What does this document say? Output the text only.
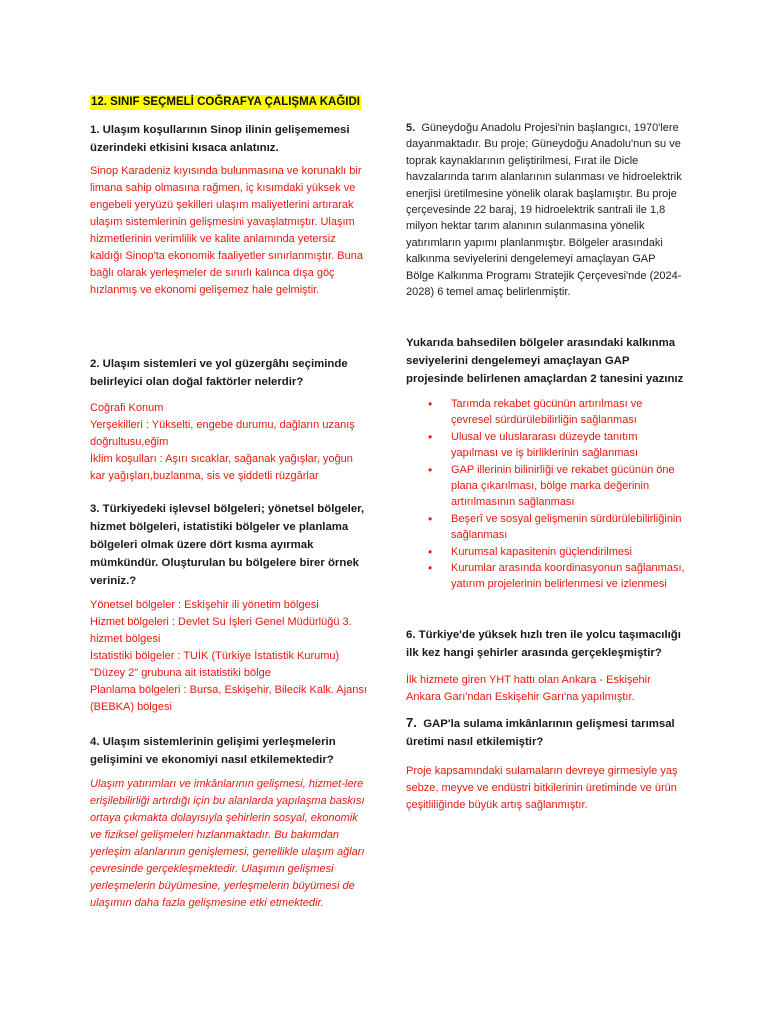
12. SINIF SEÇMELİ COĞRAFYA ÇALIŞMA KAĞIDI
1. Ulaşım koşullarının Sinop ilinin gelişememesi üzerindeki etkisini kısaca anlatınız.
Sinop Karadeniz kıyısında bulunmasına ve korunaklı bir limana sahip olmasına rağmen, iç kısımdaki yüksek ve engebeli yeryüzü şekilleri ulaşım maliyetlerini artırarak ulaşım sistemlerinin gelişmesini yavaşlatmıştır. Ulaşım hizmetlerinin verimlilik ve kalite anlamında yetersiz kaldığı Sinop'ta ekonomik faaliyetler sınırlanmıştır. Buna bağlı olarak yerleşmeler de sınırlı kalınca dışa göç hızlanmış ve ekonomi gelişemez hale gelmiştir.
2. Ulaşım sistemleri ve yol güzergâhı seçiminde belirleyici olan doğal faktörler nelerdir?
Coğrafi Konum
Yerşekilleri : Yükselti, engebe durumu, dağların uzanış doğrultusu,eğim
İklim koşulları : Aşırı sıcaklar, sağanak yağışlar, yoğun kar yağışları,buzlanma, sis ve şiddetli rüzgârlar
3. Türkiyedeki işlevsel bölgeleri; yönetsel bölgeler, hizmet bölgeleri, istatistiki bölgeler ve planlama bölgeleri olmak üzere dört kısma ayırmak mümkündür. Oluşturulan bu bölgelere birer örnek veriniz.?
Yönetsel bölgeler : Eskişehir ili yönetim bölgesi
Hizmet bölgeleri : Devlet Su İşleri Genel Müdürlüğü 3. hizmet bölgesi
İstatistiki bölgeler : TUİK (Türkiye İstatistik Kurumu) "Düzey 2" grubuna ait istatistiki bölge
Planlama bölgeleri : Bursa, Eskişehir, Bilecik Kalk. Ajansı (BEBKA) bölgesi
4. Ulaşım sistemlerinin gelişimi yerleşmelerin gelişimini ve ekonomiyi nasıl etkilemektedir?
Ulaşım yatırımları ve imkânlarının gelişmesi, hizmet-lere erişilebilirliği artırdığı için bu alanlarda yapılaşma baskısı ortaya çıkmakta dolayısıyla şehirlerin sosyal, ekonomik ve fiziksel gelişmeleri hızlanmaktadır. Bu bakımdan yerleşim alanlarının genişlemesi, genellikle ulaşım ağları çevresinde gerçekleşmektedir. Ulaşımın gelişmesi yerleşmelerin büyümesine, yerleşmelerin büyümesi de ulaşımın daha fazla gelişmesine etki etmektedir.
5. Güneydoğu Anadolu Projesi'nin başlangıcı, 1970'lere dayanmaktadır. Bu proje; Güneydoğu Anadolu'nun su ve toprak kaynaklarının geliştirilmesi, Fırat ile Dicle havzalarında tarım alanlarının sulanması ve hidroelektrik enerjisi üretilmesine yönelik olarak başlamıştır. Bu proje çerçevesinde 22 baraj, 19 hidroelektrik santrali ile 1,8 milyon hektar tarım alanının sulanmasına yönelik yatırımların yapımı planlanmıştır. Bölgeler arasındaki kalkınma seviyelerini dengelemeyi amaçlayan GAP Bölge Kalkınma Programı Stratejik Çerçevesi'nde (2024-2028) 6 temel amaç belirlenmiştir.
Yukarıda bahsedilen bölgeler arasındaki kalkınma seviyelerini dengelemeyi amaçlayan GAP projesinde belirlenen amaçlardan 2 tanesini yazınız
• Tarımda rekabet gücünün artırılması ve çevresel sürdürülebilirliğin sağlanması
• Ulusal ve uluslararası düzeyde tanıtım yapılması ve iş birliklerinin sağlanması
• GAP illerinin bilinirliği ve rekabet gücünün öne plana çıkarılması, bölge marka değerinin artırılmasının sağlanması
• Beşerî ve sosyal gelişmenin sürdürülebilirliğinin sağlanması
• Kurumsal kapasitenin güçlendirilmesi
• Kurumlar arasında koordinasyonun sağlanması, yatırım projelerinin belirlenmesi ve izlenmesi
6. Türkiye'de yüksek hızlı tren ile yolcu taşımacılığı ilk kez hangi şehirler arasında gerçekleşmiştir?
İlk hizmete giren YHT hattı olan Ankara - Eskişehir Ankara Garı'ndan Eskişehir Garı'na yapılmıştır.
7. GAP'la sulama imkânlarının gelişmesi tarımsal üretimi nasıl etkilemiştir?
Proje kapsamındaki sulamaların devreye girmesiyle yaş sebze, meyve ve endüstri bitkilerinin üretiminde ve ürün çeşitliliğinde büyük artış sağlanmıştır.
